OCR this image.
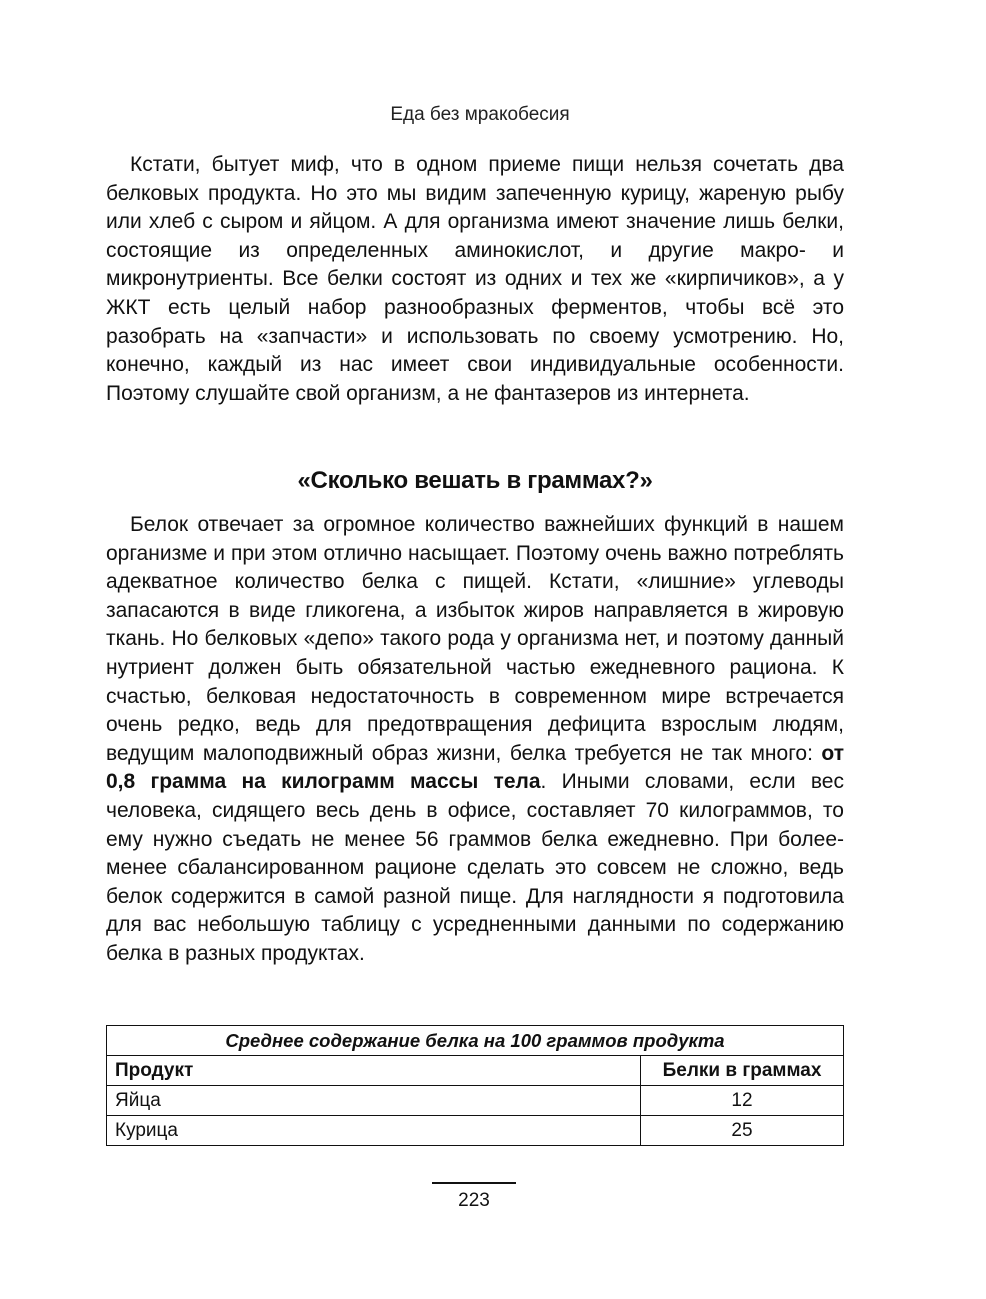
Еда без мракобесия

Кстати, бытует миф, что в одном приеме пищи нельзя сочетать два белковых продукта. Но это мы видим запеченную курицу, жареную рыбу или хлеб с сыром и яйцом. А для организма имеют значение лишь белки, состоящие из определенных аминокислот, и другие макро- и микронутриенты. Все белки состоят из одних и тех же «кирпичиков», а у ЖКТ есть целый набор разнообразных ферментов, чтобы всё это разобрать на «запчасти» и использовать по своему усмотрению. Но, конечно, каждый из нас имеет свои индивидуальные особенности. Поэтому слушайте свой организм, а не фантазеров из интернета.

«Сколько вешать в граммах?»

Белок отвечает за огромное количество важнейших функций в нашем организме и при этом отлично насыщает. Поэтому очень важно потреблять адекватное количество белка с пищей. Кстати, «лишние» углеводы запасаются в виде гликогена, а избыток жиров направляется в жировую ткань. Но белковых «депо» такого рода у организма нет, и поэтому данный нутриент должен быть обязательной частью ежедневного рациона. К счастью, белковая недостаточность в современном мире встречается очень редко, ведь для предотвращения дефицита взрослым людям, ведущим малоподвижный образ жизни, белка требуется не так много: от 0,8 грамма на килограмм массы тела. Иными словами, если вес человека, сидящего весь день в офисе, составляет 70 килограммов, то ему нужно съедать не менее 56 граммов белка ежедневно. При более-менее сбалансированном рационе сделать это совсем не сложно, ведь белок содержится в самой разной пище. Для наглядности я подготовила для вас небольшую таблицу с усредненными данными по содержанию белка в разных продуктах.

Среднее содержание белка на 100 граммов продукта	
Продукт	Белки в граммах
Яйца	12
Курица	25
223
